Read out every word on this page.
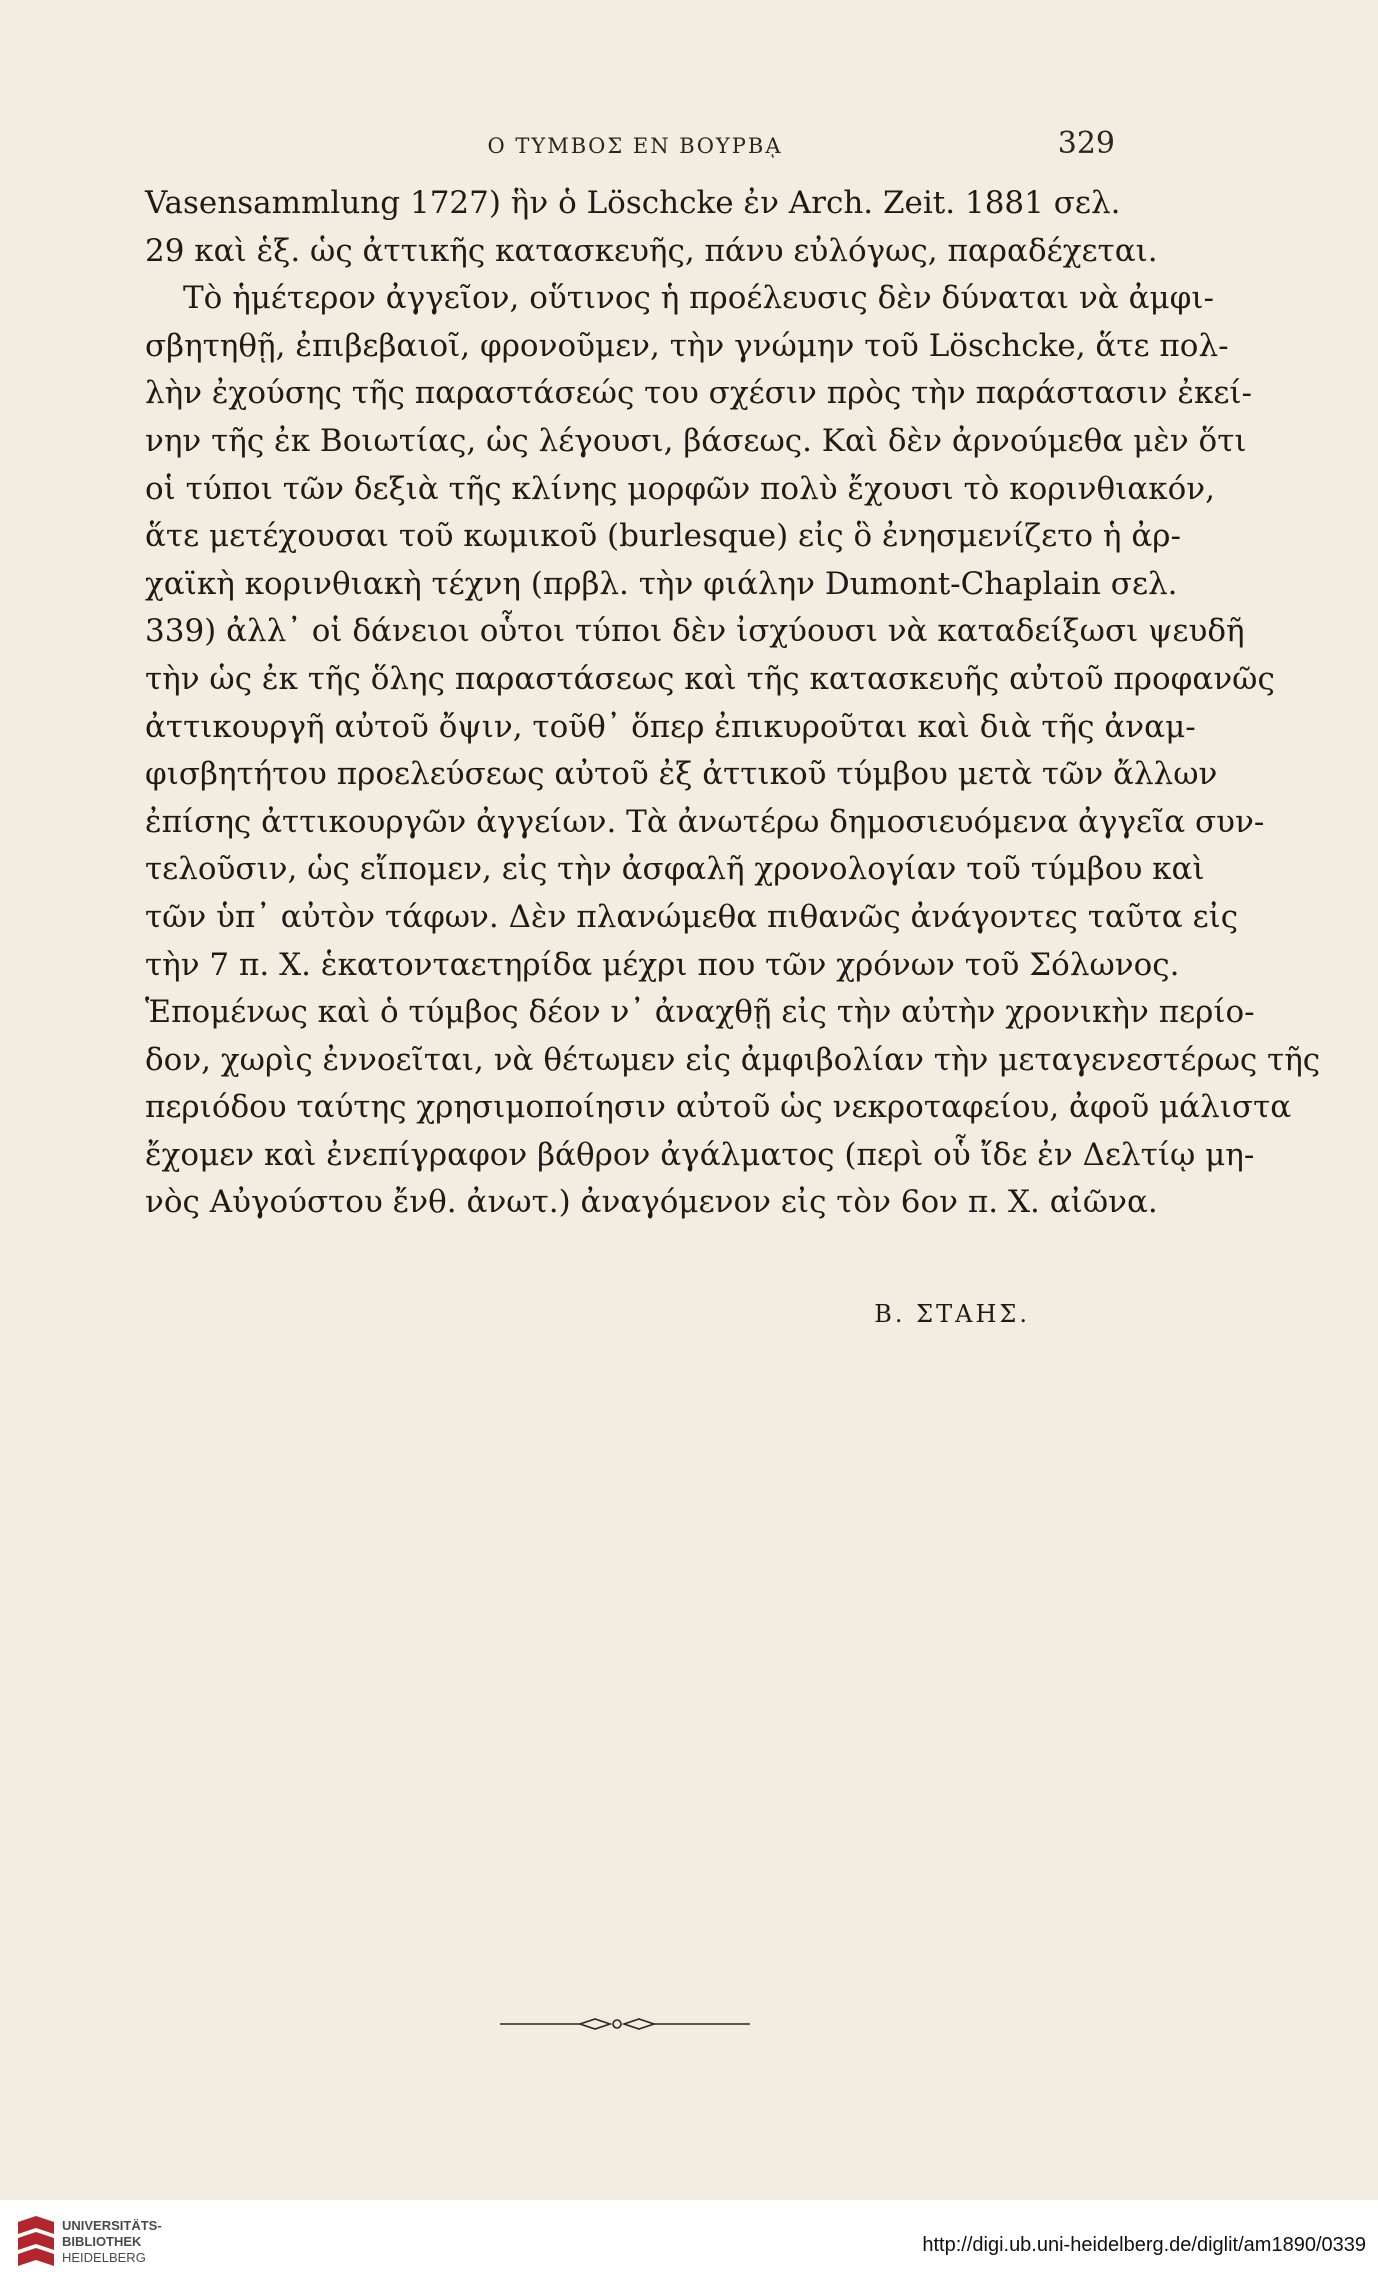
Ο ΤΥΜΒΟΣ ΕΝ ΒΟΥΡΒᾼ	329
Vasensammlung 1727) ἣν ὁ Löschcke ἐν Arch. Zeit. 1881 σελ.
29 καὶ ἑξ. ὡς ἀττικῆς κατασκευῆς, πάνυ εὐλόγως, παραδέχεται.
Τὸ ἡμέτερον ἀγγεῖον, οὕτινος ἡ προέλευσις δὲν δύναται νὰ ἀμφι-
σβητηθῇ, ἐπιβεβαιοῖ, φρονοῦμεν, τὴν γνώμην τοῦ Löschcke, ἅτε πολ-
λὴν ἐχούσης τῆς παραστάσεώς του σχέσιν πρὸς τὴν παράστασιν ἐκεί-
νην τῆς ἐκ Βοιωτίας, ὡς λέγουσι, βάσεως. Καὶ δὲν ἀρνούμεθα μὲν ὅτι
οἱ τύποι τῶν δεξιὰ τῆς κλίνης μορφῶν πολὺ ἔχουσι τὸ κορινθιακόν,
ἅτε μετέχουσαι τοῦ κωμικοῦ (burlesque) εἰς ὃ ἐνησμενίζετο ἡ ἀρ-
χαϊκὴ κορινθιακὴ τέχνη (πρβλ. τὴν φιάλην Dumont-Chaplain σελ.
339) ἀλλ᾽ οἱ δάνειοι οὗτοι τύποι δὲν ἰσχύουσι νὰ καταδείξωσι ψευδῆ
τὴν ὡς ἐκ τῆς ὅλης παραστάσεως καὶ τῆς κατασκευῆς αὐτοῦ προφανῶς
ἀττικουργῆ αὐτοῦ ὄψιν, τοῦθ᾽ ὅπερ ἐπικυροῦται καὶ διὰ τῆς ἀναμ-
φισβητήτου προελεύσεως αὐτοῦ ἐξ ἀττικοῦ τύμβου μετὰ τῶν ἄλλων
ἐπίσης ἀττικουργῶν ἀγγείων. Τὰ ἀνωτέρω δημοσιευόμενα ἀγγεῖα συν-
τελοῦσιν, ὡς εἴπομεν, εἰς τὴν ἀσφαλῆ χρονολογίαν τοῦ τύμβου καὶ
τῶν ὑπ᾽ αὐτὸν τάφων. Δὲν πλανώμεθα πιθανῶς ἀνάγοντες ταῦτα εἰς
τὴν 7 π. Χ. ἑκατονταετηρίδα μέχρι που τῶν χρόνων τοῦ Σόλωνος.
Ἑπομένως καὶ ὁ τύμβος δέον ν᾽ ἀναχθῇ εἰς τὴν αὐτὴν χρονικὴν περίο-
δον, χωρὶς ἐννοεῖται, νὰ θέτωμεν εἰς ἀμφιβολίαν τὴν μεταγενεστέρως τῆς
περιόδου ταύτης χρησιμοποίησιν αὐτοῦ ὡς νεκροταφείου, ἀφοῦ μάλιστα
ἔχομεν καὶ ἐνεπίγραφον βάθρον ἀγάλματος (περὶ οὗ ἴδε ἐν Δελτίῳ μη-
νὸς Αὐγούστου ἔνθ. ἀνωτ.) ἀναγόμενον εἰς τὸν 6ον π. Χ. αἰῶνα.
Β. ΣΤΑΗΣ.
UNIVERSITÄTS-
BIBLIOTHEK
HEIDELBERG
http://digi.ub.uni-heidelberg.de/diglit/am1890/0339
